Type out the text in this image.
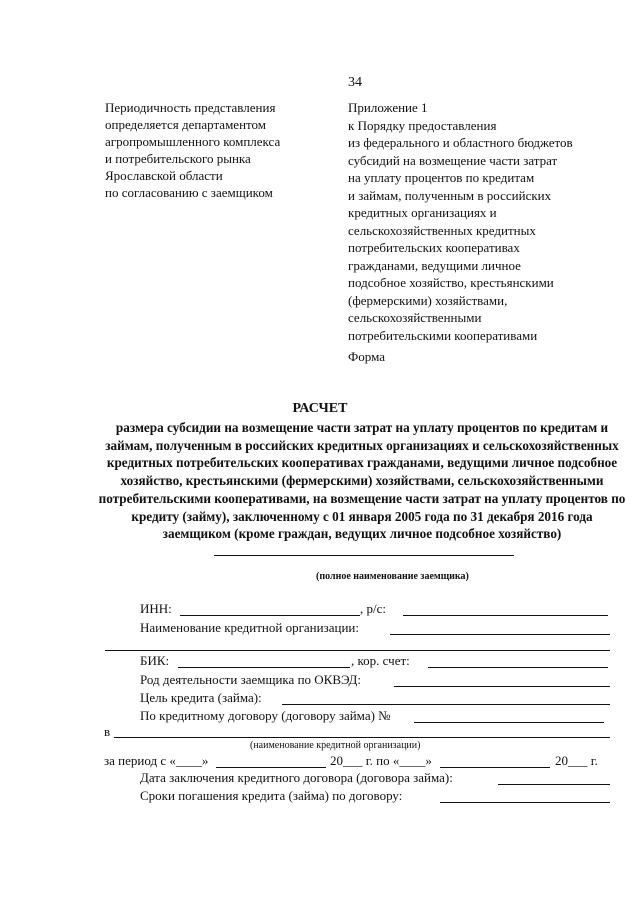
34
Периодичность представления
определяется департаментом
агропромышленного комплекса
и потребительского рынка
Ярославской области
по согласованию с заемщиком
Приложение 1
к Порядку предоставления
из федерального и областного бюджетов
субсидий на возмещение части затрат
на уплату процентов по кредитам
и займам, полученным в российских
кредитных организациях и
сельскохозяйственных кредитных
потребительских кооперативах
гражданами, ведущими личное
подсобное хозяйство, крестьянскими
(фермерскими) хозяйствами,
сельскохозяйственными
потребительскими кооперативами
Форма
РАСЧЕТ
размера субсидии на возмещение части затрат на уплату процентов по кредитам и займам, полученным в российских кредитных организациях и сельскохозяйственных кредитных потребительских кооперативах гражданами, ведущими личное подсобное хозяйство, крестьянскими (фермерскими) хозяйствами, сельскохозяйственными потребительскими кооперативами, на возмещение части затрат на уплату процентов по кредиту (займу), заключенному с 01 января 2005 года по 31 декабря 2016 года заемщиком (кроме граждан, ведущих личное подсобное хозяйство)
(полное наименование заемщика)
ИНН:	, р/с:
Наименование кредитной организации:
БИК:	, кор. счет:
Род деятельности заемщика по ОКВЭД:
Цель кредита (займа):
По кредитному договору (договору займа) №
в
(наименование кредитной организации)
за период с «____»	20___ г. по «____»	20___ г.
Дата заключения кредитного договора (договора займа):
Сроки погашения кредита (займа) по договору:
